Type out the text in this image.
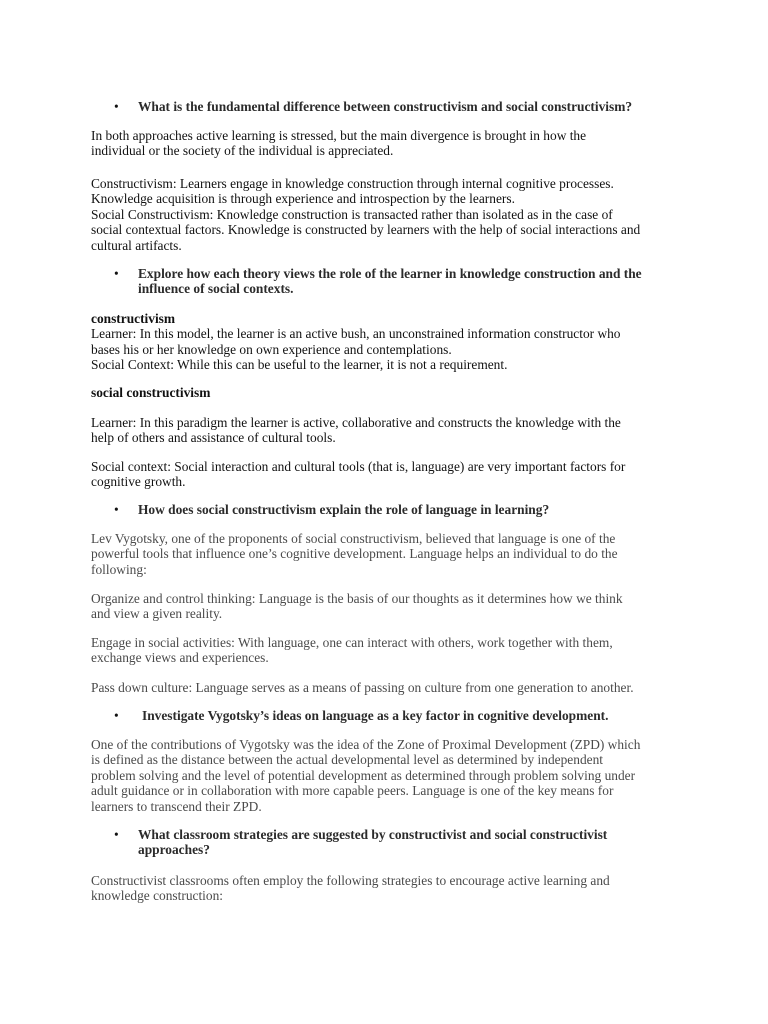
• What is the fundamental difference between constructivism and social constructivism?
In both approaches active learning is stressed, but the main divergence is brought in how the
individual or the society of the individual is appreciated.
Constructivism: Learners engage in knowledge construction through internal cognitive processes.
Knowledge acquisition is through experience and introspection by the learners.
Social Constructivism: Knowledge construction is transacted rather than isolated as in the case of
social contextual factors. Knowledge is constructed by learners with the help of social interactions and
cultural artifacts.
• Explore how each theory views the role of the learner in knowledge construction and the
influence of social contexts.
constructivism
Learner: In this model, the learner is an active bush, an unconstrained information constructor who
bases his or her knowledge on own experience and contemplations.
Social Context: While this can be useful to the learner, it is not a requirement.
social constructivism
Learner: In this paradigm the learner is active, collaborative and constructs the knowledge with the
help of others and assistance of cultural tools.
Social context: Social interaction and cultural tools (that is, language) are very important factors for
cognitive growth.
• How does social constructivism explain the role of language in learning?
Lev Vygotsky, one of the proponents of social constructivism, believed that language is one of the
powerful tools that influence one’s cognitive development. Language helps an individual to do the
following:
Organize and control thinking: Language is the basis of our thoughts as it determines how we think
and view a given reality.
Engage in social activities: With language, one can interact with others, work together with them,
exchange views and experiences.
Pass down culture: Language serves as a means of passing on culture from one generation to another.
• Investigate Vygotsky’s ideas on language as a key factor in cognitive development.
One of the contributions of Vygotsky was the idea of the Zone of Proximal Development (ZPD) which
is defined as the distance between the actual developmental level as determined by independent
problem solving and the level of potential development as determined through problem solving under
adult guidance or in collaboration with more capable peers. Language is one of the key means for
learners to transcend their ZPD.
• What classroom strategies are suggested by constructivist and social constructivist
approaches?
Constructivist classrooms often employ the following strategies to encourage active learning and
knowledge construction:
